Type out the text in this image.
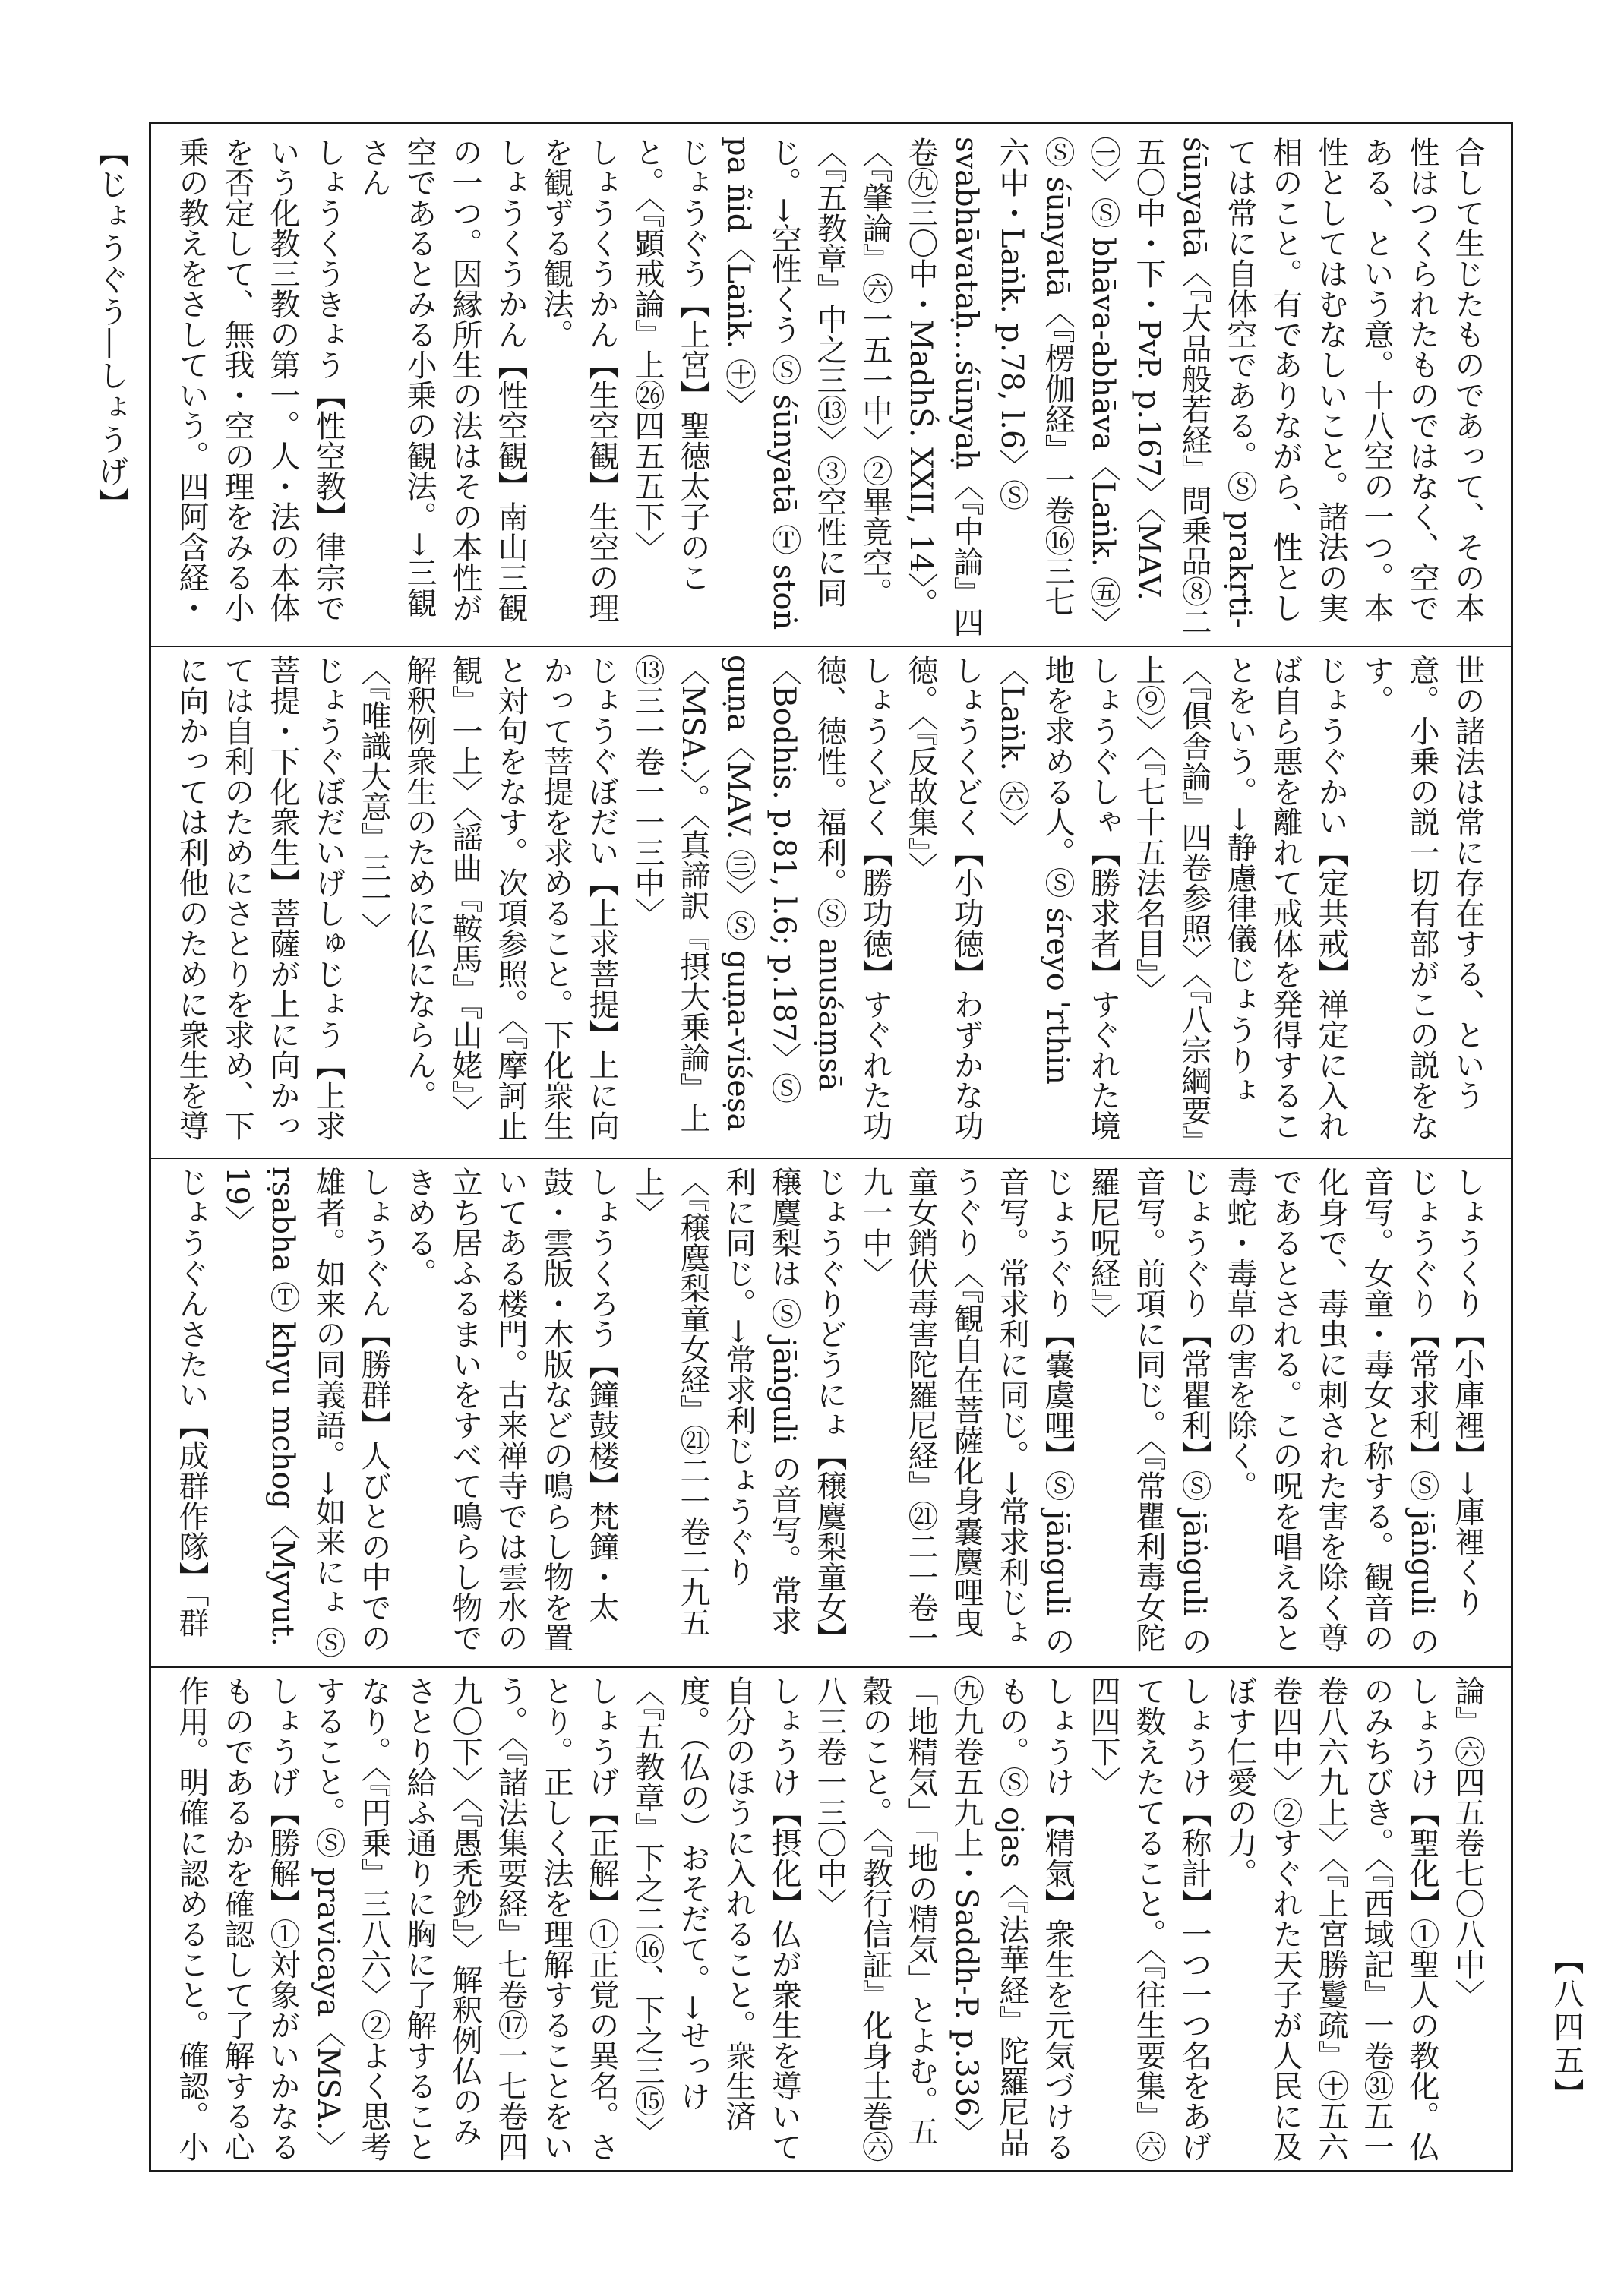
【じょうぐう―しょうげ】
【八四五】

合して生じたものであって、その本性はつくられたものではなく、空である、という意。十八空の一つ。本性としてはむなしいこと。諸法の実相のこと。有でありながら、性としては常に自体空である。Ⓢ prakṛti-śūnyatā〈『大品般若経』問乗品⑧二五〇中・下・PvP. p.167〉〈MAV. ㊀〉Ⓢ bhāva-abhāva〈Laṅk. ㊄〉Ⓢ śūnyatā〈『楞伽経』一卷⑯三七六中・Laṅk. p.78, l.6〉Ⓢ svabhāvataḥ…śūnyaḥ〈『中論』四卷㊈三〇中・MadhŚ. XXII, 14〉。〈『肇論』㊅一五一中〉②畢竟空。〈『五教章』中之三⑬〉③空性に同じ。→空性くう Ⓢ śūnyatā Ⓣ stoṅ pa ñid〈Laṅk. ㊉〉

じょうぐう【上宮】聖徳太子のこと。〈『顕戒論』上㉖四五五下〉

しょうくうかん【生空観】生空の理を観ずる観法。

しょうくうかん【性空観】南山三観の一つ。因縁所生の法はその本性が空であるとみる小乗の観法。→三観さん

しょうくうきょう【性空教】律宗でいう化教三教の第一。人・法の本体を否定して、無我・空の理をみる小乗の教えをさしていう。四阿含経・

世の諸法は常に存在する、という意。小乗の説一切有部がこの説をなす。

じょうぐかい【定共戒】禅定に入れば自ら悪を離れて戒体を発得することをいう。→静慮律儀じょうりょ〈『倶舎論』四卷参照〉〈『八宗綱要』上⑨〉〈『七十五法名目』〉

しょうぐしゃ【勝求者】すぐれた境地を求める人。Ⓢ śreyo 'rthin〈Laṅk. ㊅〉

しょうくどく【小功徳】わずかな功徳。〈『反故集』〉

しょうくどく【勝功徳】すぐれた功徳、徳性。福利。Ⓢ anuśaṃsā〈Bodhis. p.81, l.6; p.187〉Ⓢ guṇa〈MAV. ㊂〉Ⓢ guṇa-viśeṣa〈MSA.〉。〈真諦訳『摂大乗論』上⑬三一卷一一三中〉

じょうぐぼだい【上求菩提】上に向かって菩提を求めること。下化衆生と対句をなす。次項参照。〈『摩訶止観』一上〉〈謡曲『鞍馬』『山姥』〉解釈例衆生のために仏にならん。〈『唯識大意』三一〉

じょうぐぼだいげしゅじょう【上求菩提・下化衆生】菩薩が上に向かっては自利のためにさとりを求め、下に向かっては利他のために衆生を導

しょうくり【小庫裡】→庫裡くり

じょうぐり【常求利】Ⓢ jāṅguli の音写。女童・毒女と称する。観音の化身で、毒虫に刺された害を除く尊であるとされる。この呪を唱えると毒蛇・毒草の害を除く。

じょうぐり【常瞿利】Ⓢ jāṅguli の音写。前項に同じ。〈『常瞿利毒女陀羅尼呪経』〉

じょうぐり【嚢虞哩】Ⓢ jāṅguli の音写。常求利に同じ。→常求利じょうぐり〈『観自在菩薩化身嚢麌哩曳童女銷伏毒害陀羅尼経』㉑二一卷一九一中〉

じょうぐりどうにょ【穣麌梨童女】穣麌梨は Ⓢ jāṅguli の音写。常求利に同じ。→常求利じょうぐり〈『穣麌梨童女経』㉑二一卷二九五上〉

しょうくろう【鐘鼓楼】梵鐘・太鼓・雲版・木版などの鳴らし物を置いてある楼門。古来禅寺では雲水の立ち居ふるまいをすべて鳴らし物できめる。

しょうぐん【勝群】人びとの中での雄者。如来の同義語。→如来にょ Ⓢ ṛṣabha Ⓣ khyu mchog〈Myvut. 19〉

じょうぐんさたい【成群作隊】「群

論』㊅四五卷七〇八中〉

しょうけ【聖化】①聖人の教化。仏のみちびき。〈『西域記』一卷㉛五一卷八六九上〉〈『上宮勝鬘疏』㊉五六卷四中〉②すぐれた天子が人民に及ぼす仁愛の力。

しょうけ【称計】一つ一つ名をあげて数えたてること。〈『往生要集』㊅四四下〉

しょうけ【精氣】衆生を元気づけるもの。Ⓢ ojas〈『法華経』陀羅尼品㊈九卷五九上・Saddh-P. p.336〉「地精気」「地の精気」とよむ。五穀のこと。〈『教行信証』化身土巻㊅八三卷一三〇中〉

しょうけ【摂化】仏が衆生を導いて自分のほうに入れること。衆生済度。（仏の）おそだて。→せっけ〈『五教章』下之二⑯、下之三⑮〉

しょうげ【正解】①正覚の異名。さとり。正しく法を理解することをいう。〈『諸法集要経』七卷⑰一七卷四九〇下〉〈『愚禿鈔』〉解釈例仏のみさとり給ふ通りに胸に了解することなり。〈『円乗』三八六〉②よく思考すること。Ⓢ pravicaya〈MSA.〉

しょうげ【勝解】①対象がいかなるものであるかを確認して了解する心作用。明確に認めること。確認。小
